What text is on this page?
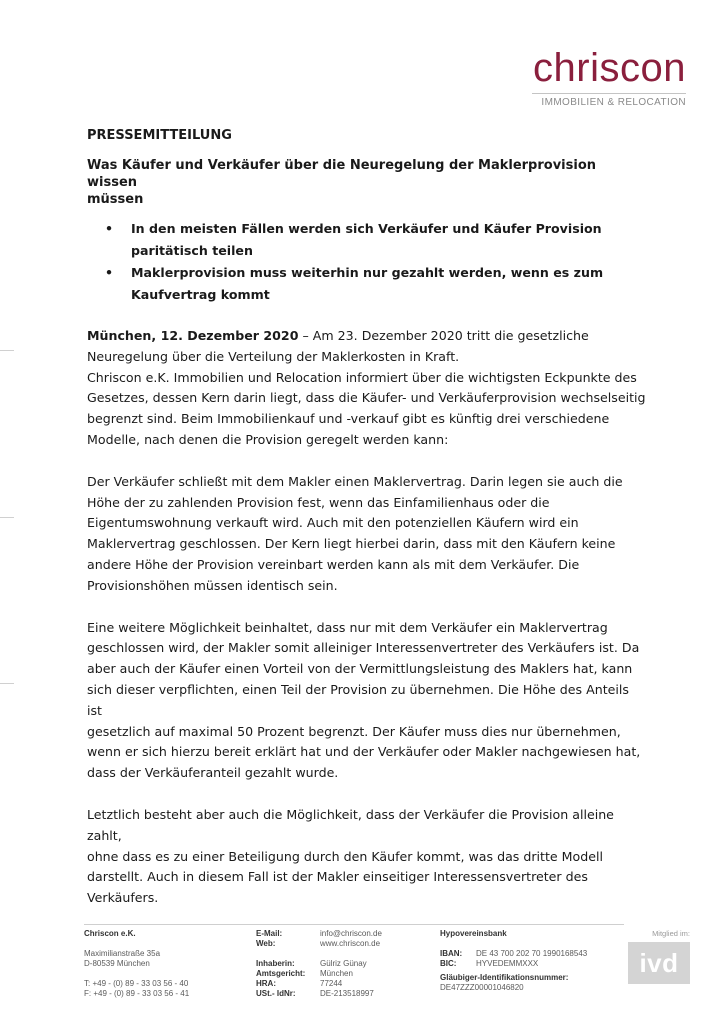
chriscon
IMMOBILIEN & RELOCATION
PRESSEMITTEILUNG
Was Käufer und Verkäufer über die Neuregelung der Maklerprovision wissen
müssen
• In den meisten Fällen werden sich Verkäufer und Käufer Provision
paritätisch teilen
• Maklerprovision muss weiterhin nur gezahlt werden, wenn es zum
Kaufvertrag kommt
München, 12. Dezember 2020 – Am 23. Dezember 2020 tritt die gesetzliche
Neuregelung über die Verteilung der Maklerkosten in Kraft.
Chriscon e.K. Immobilien und Relocation informiert über die wichtigsten Eckpunkte des
Gesetzes, dessen Kern darin liegt, dass die Käufer- und Verkäuferprovision wechselseitig
begrenzt sind. Beim Immobilienkauf und -verkauf gibt es künftig drei verschiedene
Modelle, nach denen die Provision geregelt werden kann:
Der Verkäufer schließt mit dem Makler einen Maklervertrag. Darin legen sie auch die
Höhe der zu zahlenden Provision fest, wenn das Einfamilienhaus oder die
Eigentumswohnung verkauft wird. Auch mit den potenziellen Käufern wird ein
Maklervertrag geschlossen. Der Kern liegt hierbei darin, dass mit den Käufern keine
andere Höhe der Provision vereinbart werden kann als mit dem Verkäufer. Die
Provisionshöhen müssen identisch sein.
Eine weitere Möglichkeit beinhaltet, dass nur mit dem Verkäufer ein Maklervertrag
geschlossen wird, der Makler somit alleiniger Interessenvertreter des Verkäufers ist. Da
aber auch der Käufer einen Vorteil von der Vermittlungsleistung des Maklers hat, kann
sich dieser verpflichten, einen Teil der Provision zu übernehmen. Die Höhe des Anteils ist
gesetzlich auf maximal 50 Prozent begrenzt. Der Käufer muss dies nur übernehmen,
wenn er sich hierzu bereit erklärt hat und der Verkäufer oder Makler nachgewiesen hat,
dass der Verkäuferanteil gezahlt wurde.
Letztlich besteht aber auch die Möglichkeit, dass der Verkäufer die Provision alleine zahlt,
ohne dass es zu einer Beteiligung durch den Käufer kommt, was das dritte Modell
darstellt. Auch in diesem Fall ist der Makler einseitiger Interessensvertreter des
Verkäufers.
Chriscon e.K.
Maximilianstraße 35a
D-80539 München
T: +49 - (0) 89 - 33 03 56 - 40
F: +49 - (0) 89 - 33 03 56 - 41
E-Mail:	info@chriscon.de
Web:	www.chriscon.de
Inhaberin:	Gülriz Günay
Amtsgericht:	München
HRA:	77244
USt.- IdNr:	DE-213518997
Hypovereinsbank
IBAN:	DE 43 700 202 70 1990168543
BIC:	HYVEDEMMXXX
Gläubiger-Identifikationsnummer:
DE47ZZZ00001046820
Mitglied im:
ivd
